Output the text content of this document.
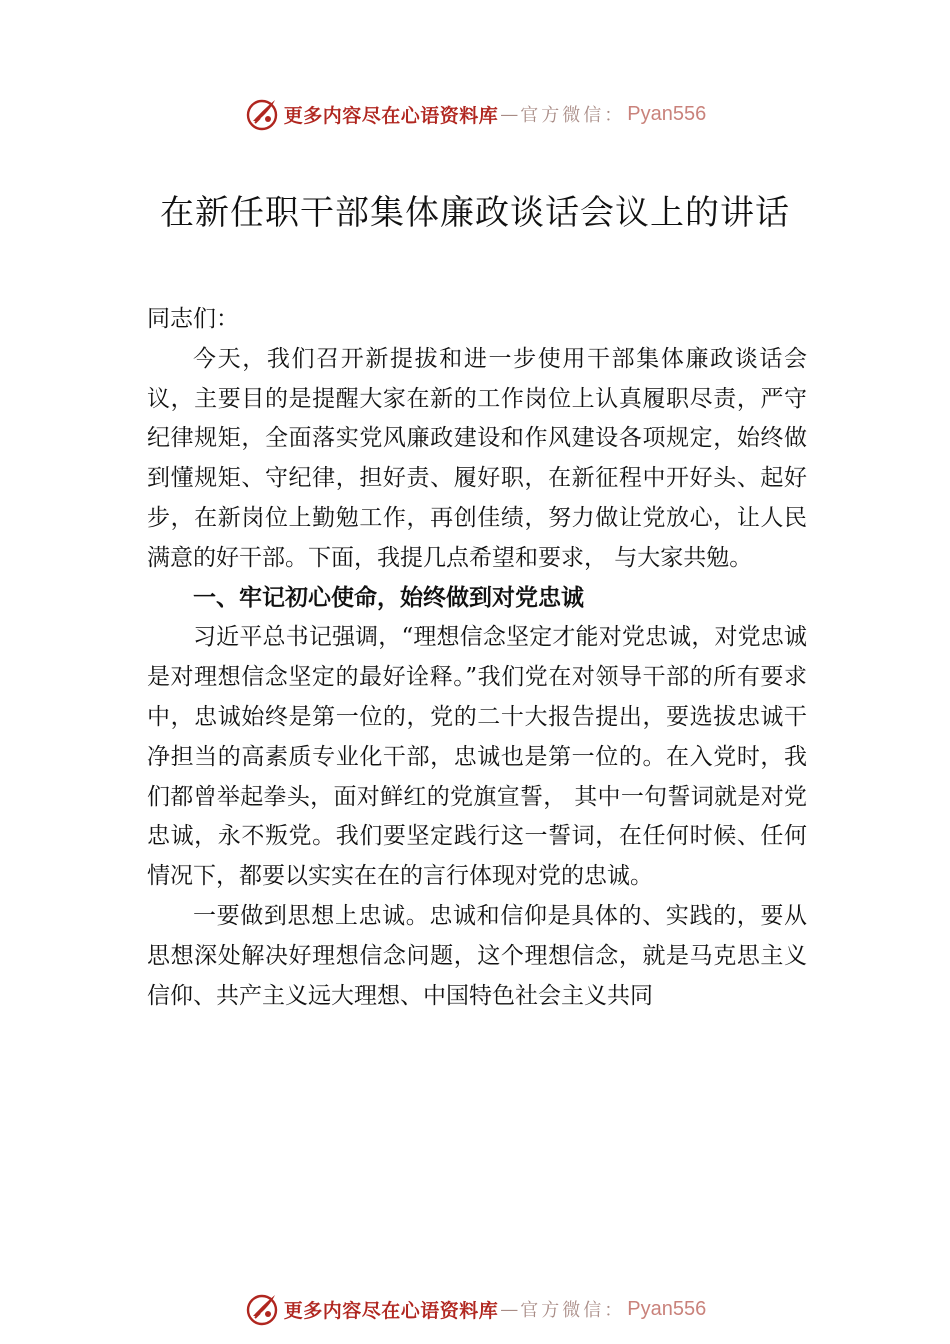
更多内容尽在心语资料库 — 官方微信： Pyan556
在新任职干部集体廉政谈话会议上的讲话

同志们：

今天，我们召开新提拔和进一步使用干部集体廉政谈话会议，主要目的是提醒大家在新的工作岗位上认真履职尽责，严守纪律规矩，全面落实党风廉政建设和作风建设各项规定，始终做到懂规矩、守纪律，担好责、履好职，在新征程中开好头、起好步，在新岗位上勤勉工作，再创佳绩，努力做让党放心，让人民满意的好干部。下面，我提几点希望和要求， 与大家共勉。

一、牢记初心使命，始终做到对党忠诚

习近平总书记强调，“理想信念坚定才能对党忠诚，对党忠诚是对理想信念坚定的最好诠释。”我们党在对领导干部的所有要求中，忠诚始终是第一位的，党的二十大报告提出，要选拔忠诚干净担当的高素质专业化干部，忠诚也是第一位的。在入党时，我们都曾举起拳头，面对鲜红的党旗宣誓， 其中一句誓词就是对党忠诚，永不叛党。我们要坚定践行这一誓词，在任何时候、任何情况下，都要以实实在在的言行体现对党的忠诚。

一要做到思想上忠诚。忠诚和信仰是具体的、实践的，要从思想深处解决好理想信念问题，这个理想信念，就是马克思主义信仰、共产主义远大理想、中国特色社会主义共同

更多内容尽在心语资料库 — 官方微信： Pyan556
